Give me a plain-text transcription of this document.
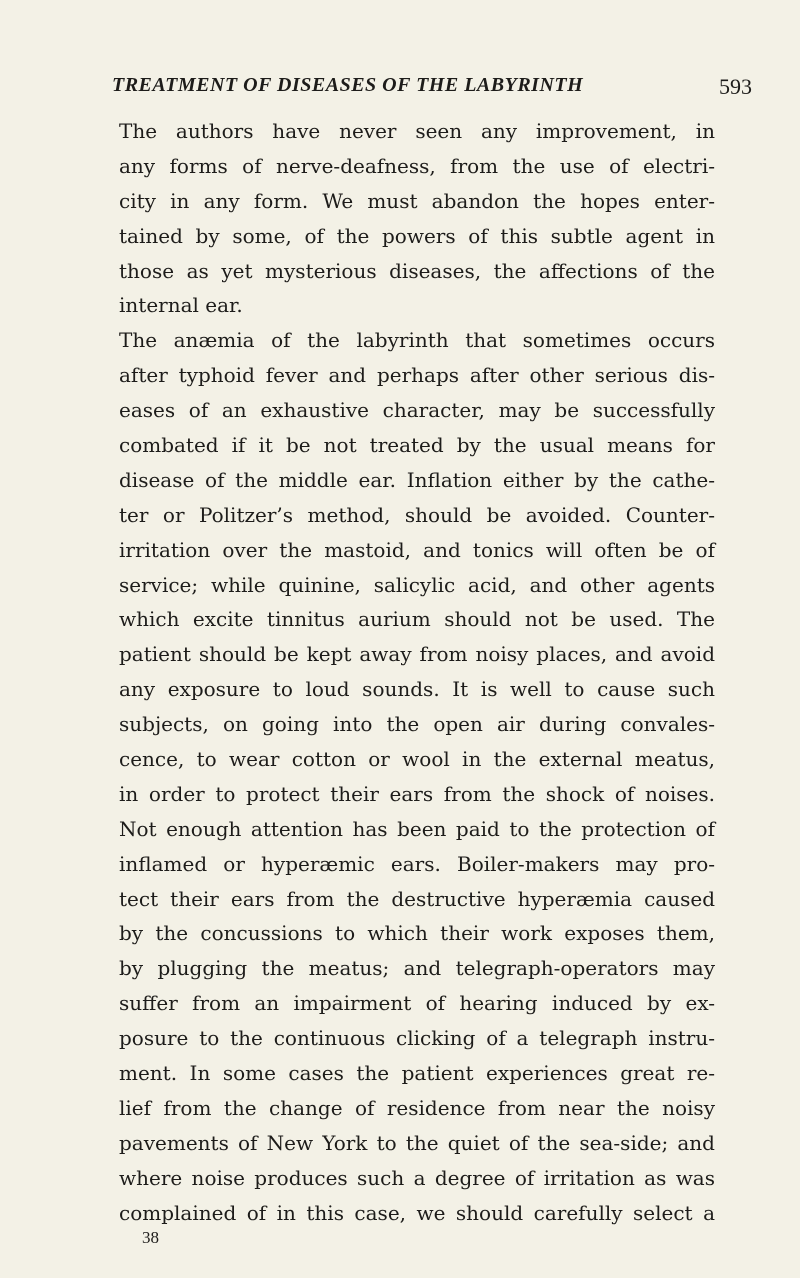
TREATMENT OF DISEASES OF THE LABYRINTH	593
The authors have never seen any improvement, in
any forms of nerve-deafness, from the use of electri-
city in any form. We must abandon the hopes enter-
tained by some, of the powers of this subtle agent in
those as yet mysterious diseases, the affections of the
internal ear.
The anæmia of the labyrinth that sometimes occurs
after typhoid fever and perhaps after other serious dis-
eases of an exhaustive character, may be successfully
combated if it be not treated by the usual means for
disease of the middle ear. Inflation either by the cathe-
ter or Politzer’s method, should be avoided. Counter-
irritation over the mastoid, and tonics will often be of
service; while quinine, salicylic acid, and other agents
which excite tinnitus aurium should not be used. The
patient should be kept away from noisy places, and avoid
any exposure to loud sounds. It is well to cause such
subjects, on going into the open air during convales-
cence, to wear cotton or wool in the external meatus,
in order to protect their ears from the shock of noises.
Not enough attention has been paid to the protection of
inflamed or hyperæmic ears. Boiler-makers may pro-
tect their ears from the destructive hyperæmia caused
by the concussions to which their work exposes them,
by plugging the meatus; and telegraph-operators may
suffer from an impairment of hearing induced by ex-
posure to the continuous clicking of a telegraph instru-
ment. In some cases the patient experiences great re-
lief from the change of residence from near the noisy
pavements of New York to the quiet of the sea-side; and
where noise produces such a degree of irritation as was
complained of in this case, we should carefully select a
38
